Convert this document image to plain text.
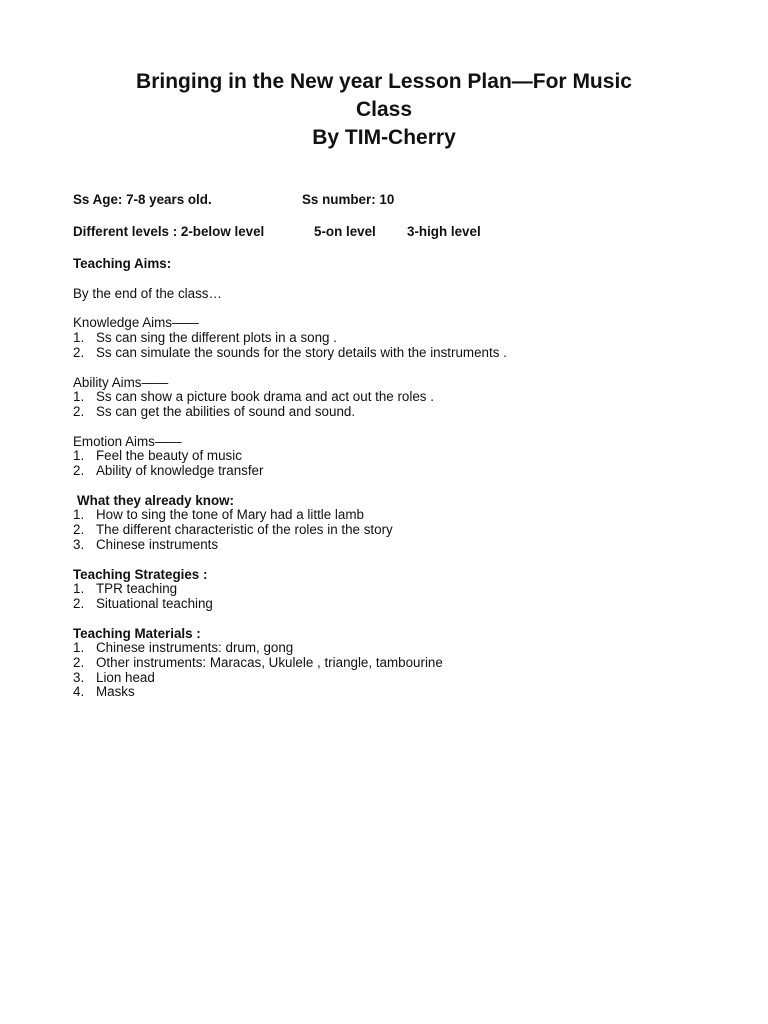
Bringing in the New year Lesson Plan—For Music
Class
By TIM-Cherry
Ss Age: 7-8 years old.	Ss number: 10
Different levels : 2-below level	5-on level 3-high level
Teaching Aims:
By the end of the class…
Knowledge Aims——
1. Ss can sing the different plots in a song .
2. Ss can simulate the sounds for the story details with the instruments .
Ability Aims——
1. Ss can show a picture book drama and act out the roles .
2. Ss can get the abilities of sound and sound.
Emotion Aims——
1. Feel the beauty of music
2. Ability of knowledge transfer
What they already know:
1. How to sing the tone of Mary had a little lamb
2. The different characteristic of the roles in the story
3. Chinese instruments
Teaching Strategies :
1. TPR teaching
2. Situational teaching
Teaching Materials :
1. Chinese instruments: drum, gong
2. Other instruments: Maracas, Ukulele , triangle, tambourine
3. Lion head
4. Masks
